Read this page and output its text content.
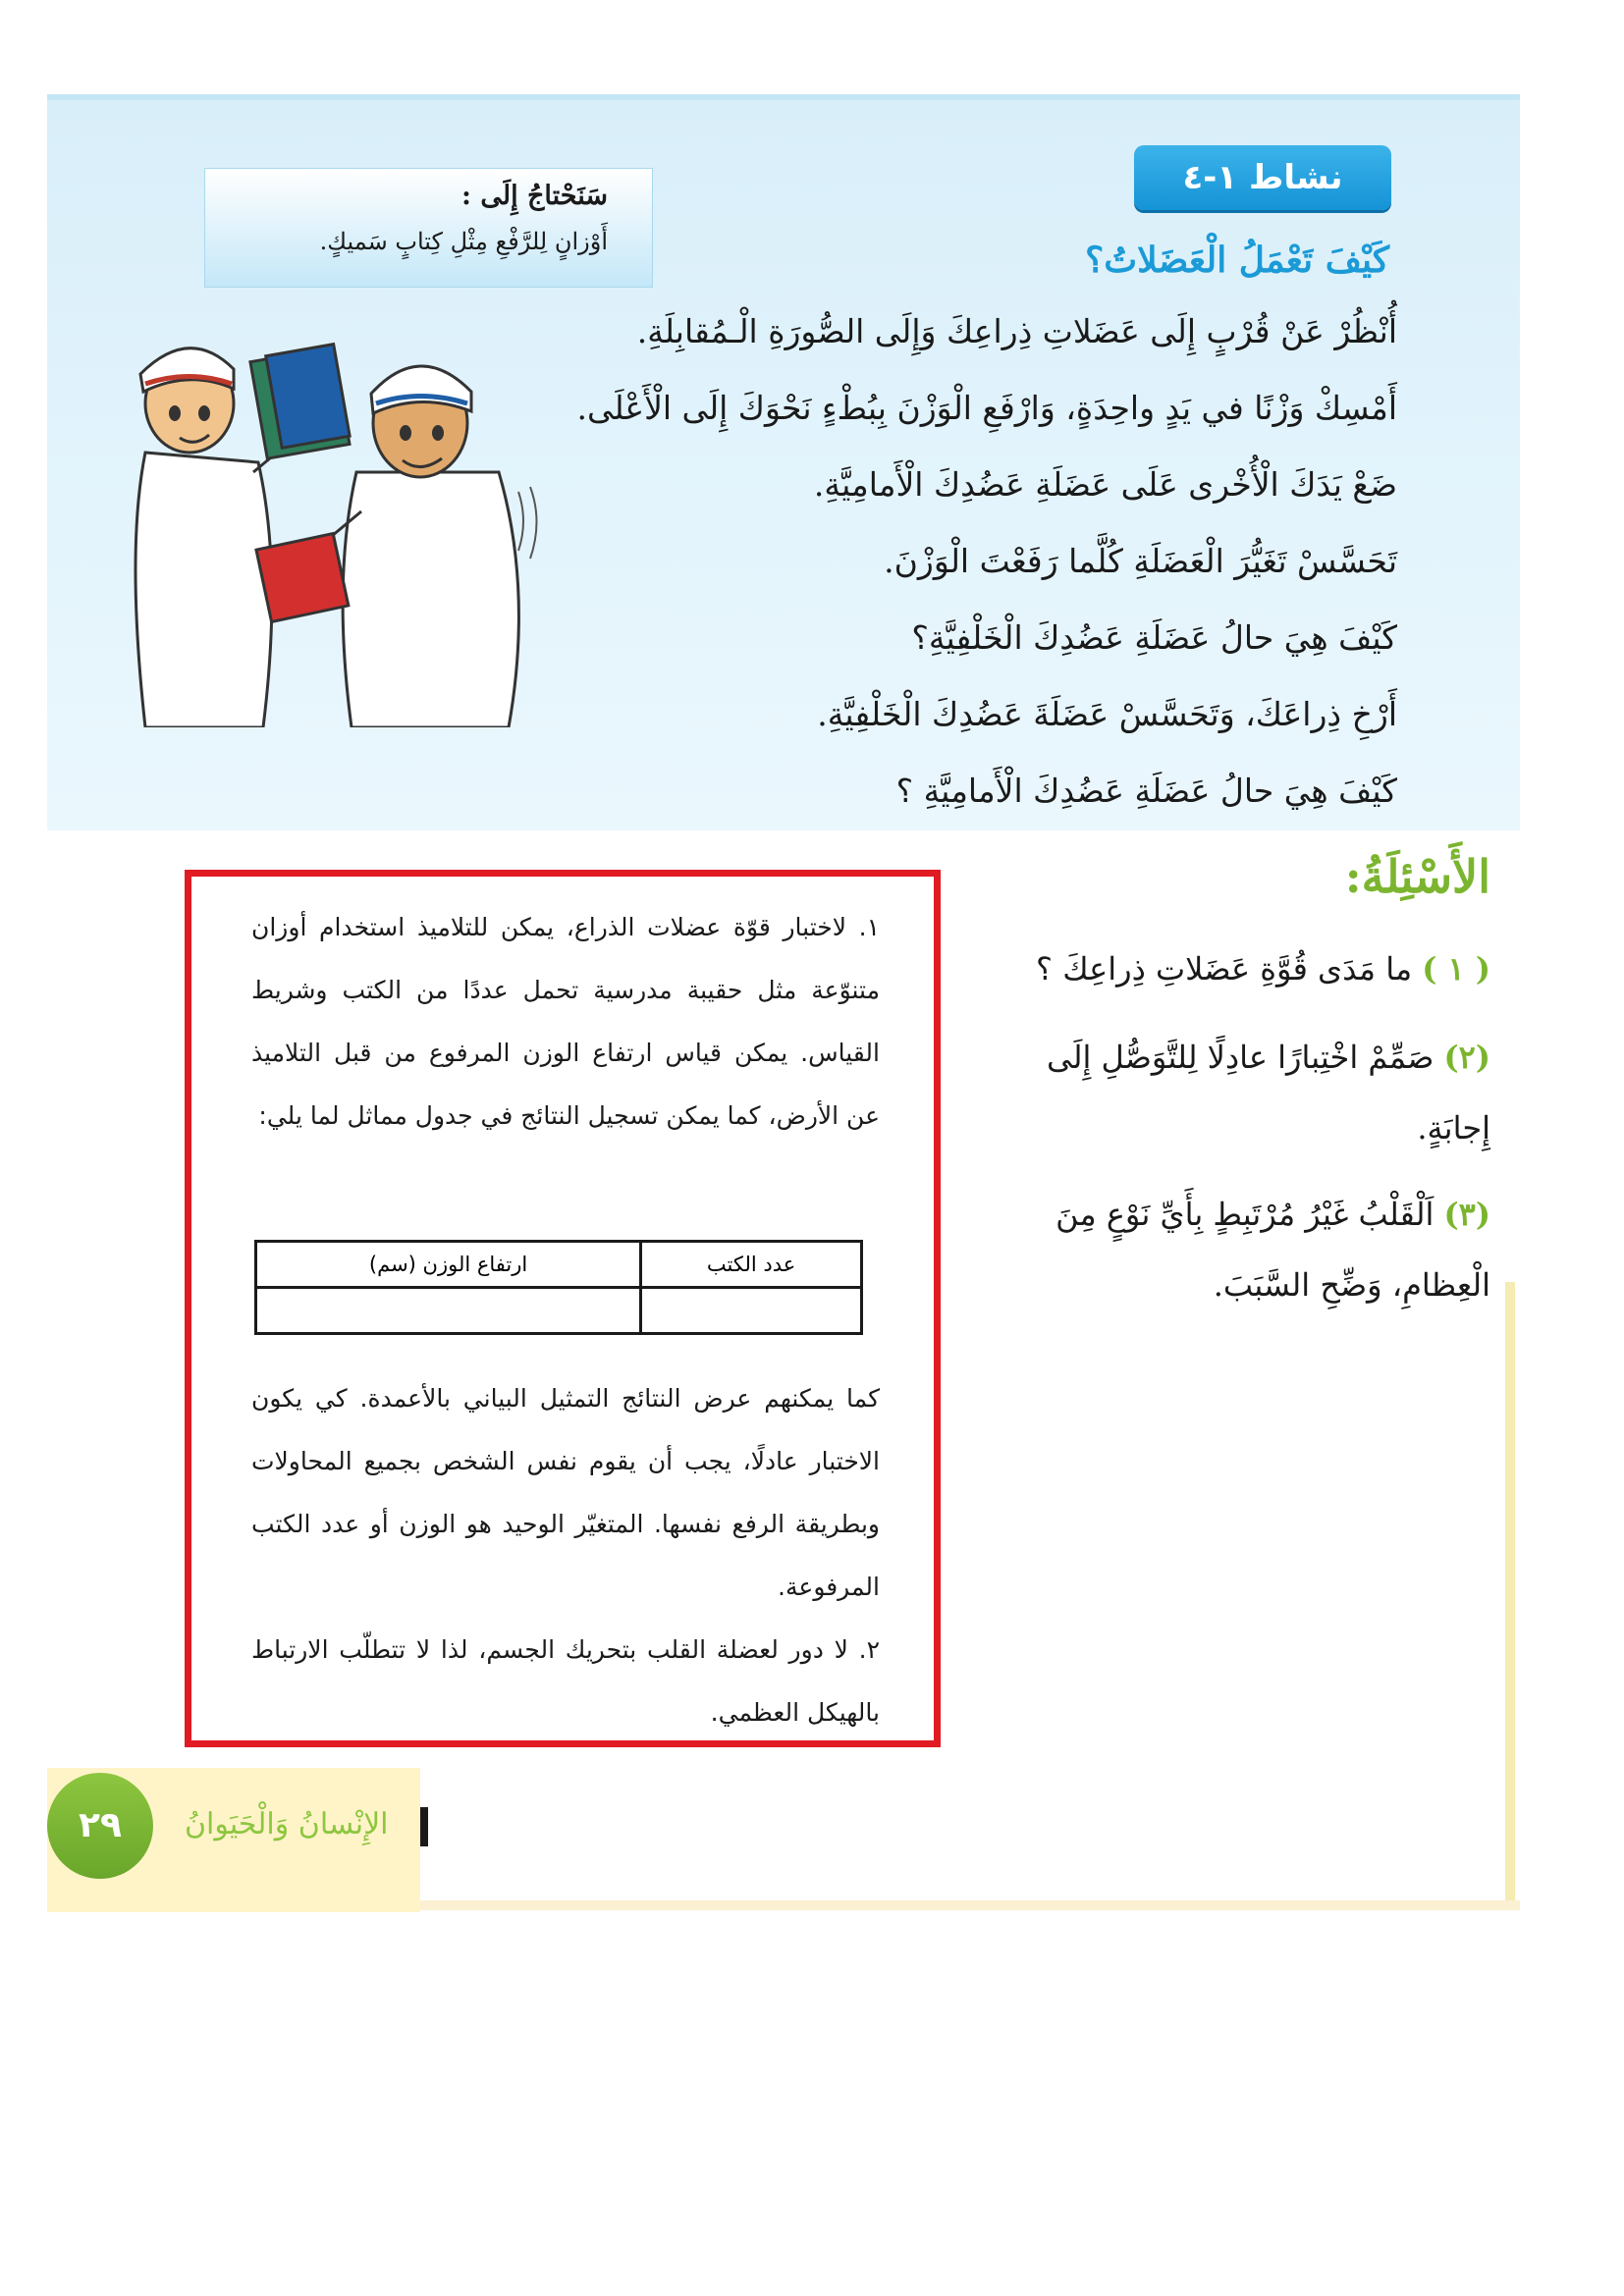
نشاط ١-٤
سَنَحْتاجُ إِلَى :
أَوْزانٍ لِلرَّفْعِ مِثْلِ كِتابٍ سَميكٍ.	كَيْفَ تَعْمَلُ الْعَضَلاتُ؟
أُنْظُرْ عَنْ قُرْبٍ إِلَى عَضَلاتِ ذِراعِكَ وَإِلَى الصُّورَةِ الْـمُقابِلَةِ.
أَمْسِكْ وَزْنًا في يَدٍ واحِدَةٍ، وَارْفَعِ الْوَزْنَ بِبُطْءٍ نَحْوَكَ إِلَى الْأَعْلَى.
ضَعْ يَدَكَ الْأُخْرى عَلَى عَضَلَةِ عَضُدِكَ الْأَمامِيَّةِ.
تَحَسَّسْ تَغَيُّرَ الْعَضَلَةِ كُلَّما رَفَعْتَ الْوَزْنَ.
كَيْفَ هِيَ حالُ عَضَلَةِ عَضُدِكَ الْخَلْفِيَّةِ؟
أَرْخِ ذِراعَكَ، وَتَحَسَّسْ عَضَلَةَ عَضُدِكَ الْخَلْفِيَّةِ.
كَيْفَ هِيَ حالُ عَضَلَةِ عَضُدِكَ الْأَمامِيَّةِ ؟
الأَسْئِلَةُ:
( ١ ) ما مَدَى قُوَّةِ عَضَلاتِ ذِراعِكَ ؟
(٢) صَمِّمْ اخْتِبارًا عادِلًا لِلتَّوَصُّلِ إِلَى إِجابَةٍ.
(٣) اَلْقَلْبُ غَيْرُ مُرْتَبِطٍ بِأَيِّ نَوْعٍ مِنَ الْعِظامِ، وَضِّحِ السَّبَبَ.
١. لاختبار قوّة عضلات الذراع، يمكن للتلاميذ استخدام أوزان متنوّعة مثل حقيبة مدرسية تحمل عددًا من الكتب وشريط القياس. يمكن قياس ارتفاع الوزن المرفوع من قبل التلاميذ عن الأرض، كما يمكن تسجيل النتائج في جدول مماثل لما يلي:
عدد الكتب	ارتفاع الوزن (سم)

كما يمكنهم عرض النتائج التمثيل البياني بالأعمدة. كي يكون الاختبار عادلًا، يجب أن يقوم نفس الشخص بجميع المحاولات وبطريقة الرفع نفسها. المتغيّر الوحيد هو الوزن أو عدد الكتب المرفوعة.
٢. لا دور لعضلة القلب بتحريك الجسم، لذا لا تتطلّب الارتباط بالهيكل العظمي.
٢٩	الإِنْسانُ وَالْحَيَوانُ
